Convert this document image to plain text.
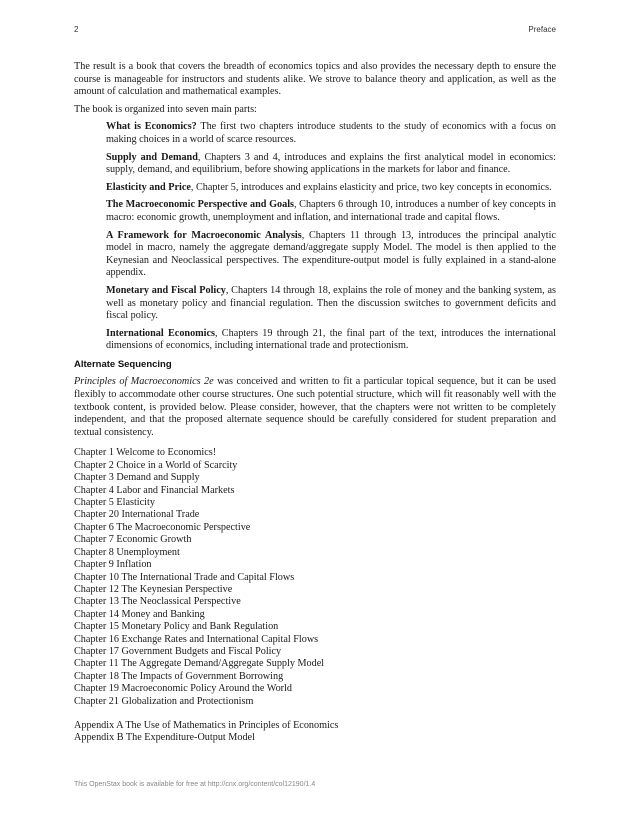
2	Preface

The result is a book that covers the breadth of economics topics and also provides the necessary depth to ensure the course is manageable for instructors and students alike. We strove to balance theory and application, as well as the amount of calculation and mathematical examples.

The book is organized into seven main parts:

What is Economics? The first two chapters introduce students to the study of economics with a focus on making choices in a world of scarce resources.

Supply and Demand, Chapters 3 and 4, introduces and explains the first analytical model in economics: supply, demand, and equilibrium, before showing applications in the markets for labor and finance.

Elasticity and Price, Chapter 5, introduces and explains elasticity and price, two key concepts in economics.

The Macroeconomic Perspective and Goals, Chapters 6 through 10, introduces a number of key concepts in macro: economic growth, unemployment and inflation, and international trade and capital flows.

A Framework for Macroeconomic Analysis, Chapters 11 through 13, introduces the principal analytic model in macro, namely the aggregate demand/aggregate supply Model. The model is then applied to the Keynesian and Neoclassical perspectives. The expenditure-output model is fully explained in a stand-alone appendix.

Monetary and Fiscal Policy, Chapters 14 through 18, explains the role of money and the banking system, as well as monetary policy and financial regulation. Then the discussion switches to government deficits and fiscal policy.

International Economics, Chapters 19 through 21, the final part of the text, introduces the international dimensions of economics, including international trade and protectionism.

Alternate Sequencing

Principles of Macroeconomics 2e was conceived and written to fit a particular topical sequence, but it can be used flexibly to accommodate other course structures. One such potential structure, which will fit reasonably well with the textbook content, is provided below. Please consider, however, that the chapters were not written to be completely independent, and that the proposed alternate sequence should be carefully considered for student preparation and textual consistency.

Chapter 1 Welcome to Economics!
Chapter 2 Choice in a World of Scarcity
Chapter 3 Demand and Supply
Chapter 4 Labor and Financial Markets
Chapter 5 Elasticity
Chapter 20 International Trade
Chapter 6 The Macroeconomic Perspective
Chapter 7 Economic Growth
Chapter 8 Unemployment
Chapter 9 Inflation
Chapter 10 The International Trade and Capital Flows
Chapter 12 The Keynesian Perspective
Chapter 13 The Neoclassical Perspective
Chapter 14 Money and Banking
Chapter 15 Monetary Policy and Bank Regulation
Chapter 16 Exchange Rates and International Capital Flows
Chapter 17 Government Budgets and Fiscal Policy
Chapter 11 The Aggregate Demand/Aggregate Supply Model
Chapter 18 The Impacts of Government Borrowing
Chapter 19 Macroeconomic Policy Around the World
Chapter 21 Globalization and Protectionism
Appendix A The Use of Mathematics in Principles of Economics
Appendix B The Expenditure-Output Model
This OpenStax book is available for free at http://cnx.org/content/col12190/1.4
